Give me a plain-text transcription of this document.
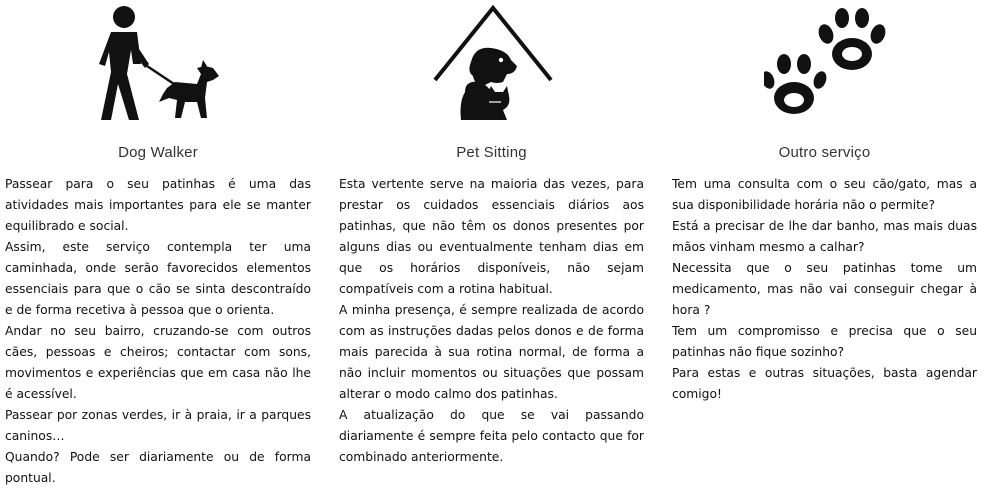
Dog Walker

Passear para o seu patinhas é uma das atividades mais importantes para ele se manter equilibrado e social.

Assim, este serviço contempla ter uma caminhada, onde serão favorecidos elementos essenciais para que o cão se sinta descontraído e de forma recetiva à pessoa que o orienta.

Andar no seu bairro, cruzando-se com outros cães, pessoas e cheiros; contactar com sons, movimentos e experiências que em casa não lhe é acessível.

Passear por zonas verdes, ir à praia, ir a parques caninos…

Quando? Pode ser diariamente ou de forma pontual.

Pet Sitting

Esta vertente serve na maioria das vezes, para prestar os cuidados essenciais diários aos patinhas, que não têm os donos presentes por alguns dias ou eventualmente tenham dias em que os horários disponíveis, não sejam compatíveis com a rotina habitual.

A minha presença, é sempre realizada de acordo com as instruções dadas pelos donos e de forma mais parecida à sua rotina normal, de forma a não incluir momentos ou situações que possam alterar o modo calmo dos patinhas.

A atualização do que se vai passando diariamente é sempre feita pelo contacto que for combinado anteriormente.

Outro serviço

Tem uma consulta com o seu cão/gato, mas a sua disponibilidade horária não o permite?

Está a precisar de lhe dar banho, mas mais duas mãos vinham mesmo a calhar?

Necessita que o seu patinhas tome um medicamento, mas não vai conseguir chegar à hora ?

Tem um compromisso e precisa que o seu patinhas não fique sozinho?

Para estas e outras situações, basta agendar comigo!
